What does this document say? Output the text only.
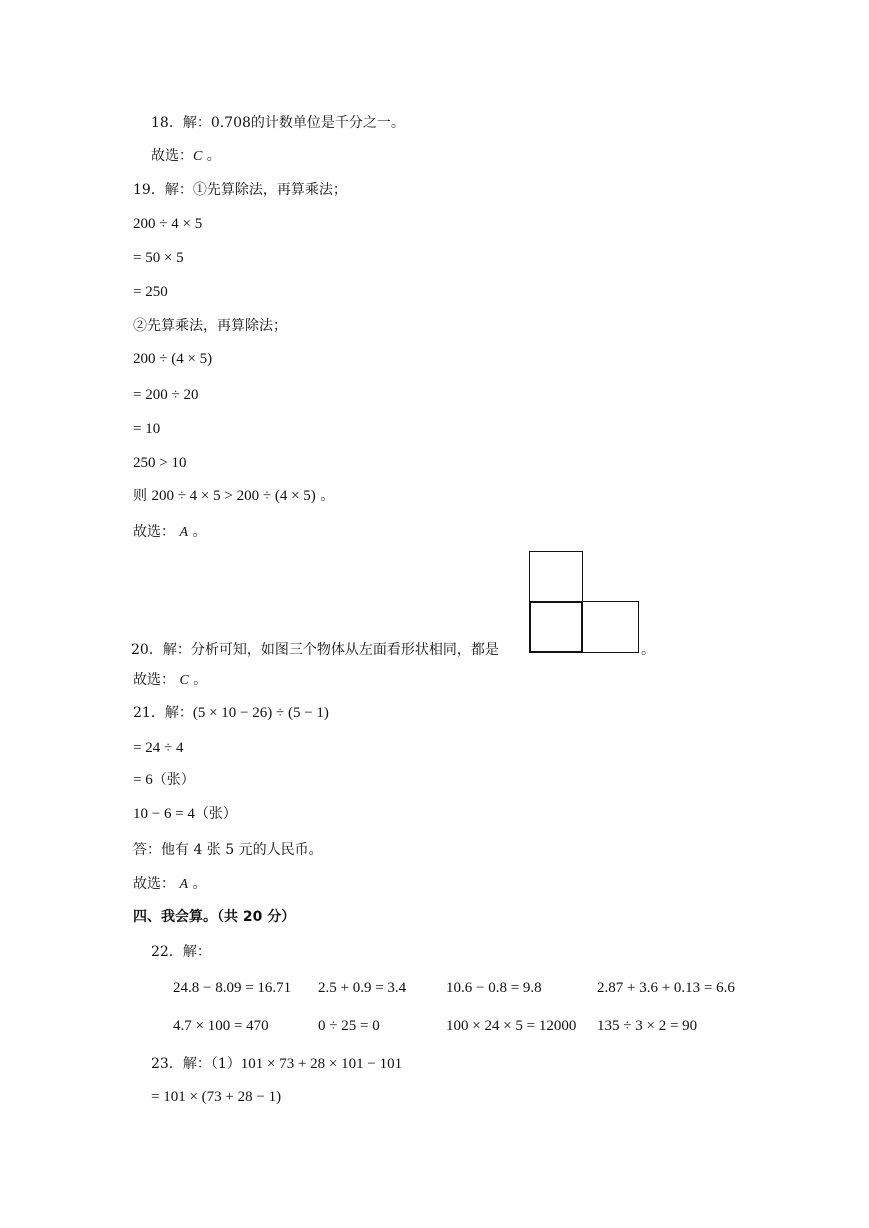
18．解：0.708的计数单位是千分之一。
故选：C 。
19．解：①先算除法，再算乘法；
200 ÷ 4 × 5
= 50 × 5
= 250
②先算乘法，再算除法；
200 ÷ (4 × 5)
= 200 ÷ 20
= 10
250 > 10
则 200 ÷ 4 × 5 > 200 ÷ (4 × 5) 。
故选： A 。
20．解：分析可知，如图三个物体从左面看形状相同，都是	。
故选： C 。
21．解：(5 × 10 − 26) ÷ (5 − 1)
= 24 ÷ 4
= 6（张）
10 − 6 = 4（张）
答：他有 4 张 5 元的人民币。
故选： A 。
四、我会算。（共 20 分）
22．解：
24.8 − 8.09 = 16.71 2.5 + 0.9 = 3.4	10.6 − 0.8 = 9.8	2.87 + 3.6 + 0.13 = 6.6
4.7 × 100 = 470	0 ÷ 25 = 0	100 × 24 × 5 = 12000 135 ÷ 3 × 2 = 90
23．解：（1）101 × 73 + 28 × 101 − 101
= 101 × (73 + 28 − 1)
